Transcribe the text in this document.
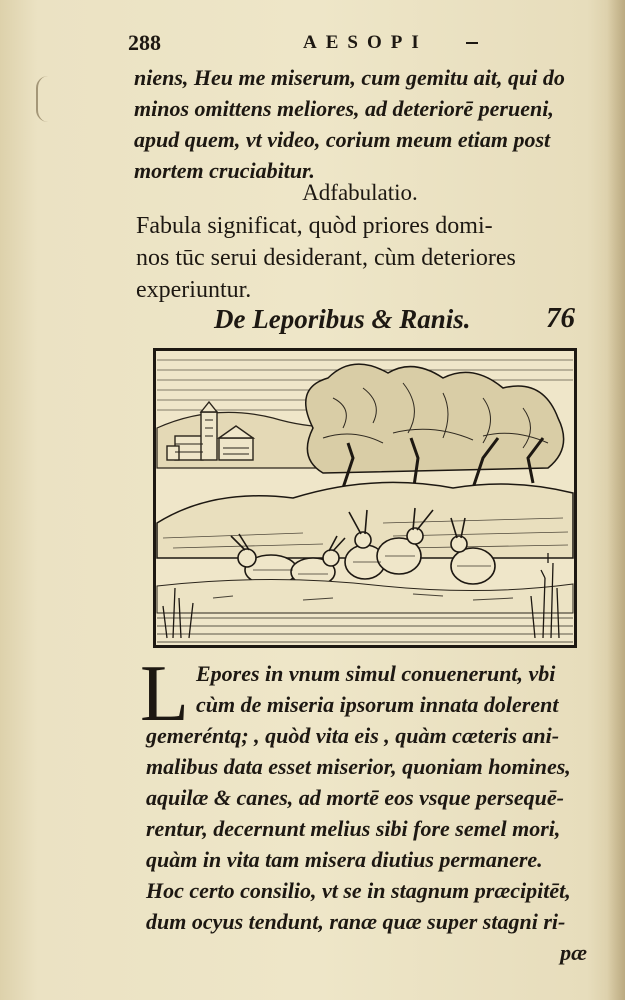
288	AESOPI

niens, Heu me miserum, cum gemitu ait, qui do

minos omittens meliores, ad deteriorē perueni,

apud quem, vt video, corium meum etiam post

mortem cruciabitur.

Adfabulatio.

Fabula significat, quòd priores domi-

nos tūc serui desiderant, cùm deteriores

experiuntur.

De Leporibus & Ranis.	76
L Epores in vnum simul conuenerunt, vbi

cùm de miseria ipsorum innata dolerent

gemeréntq; , quòd vita eis , quàm cæteris ani-

malibus data esset miserior, quoniam homines,

aquilæ & canes, ad mortē eos vsque persequē-

rentur, decernunt melius sibi fore semel mori,

quàm in vita tam misera diutius permanere.

Hoc certo consilio, vt se in stagnum præcipitēt,

dum ocyus tendunt, ranæ quæ super stagni ri-

pæ
